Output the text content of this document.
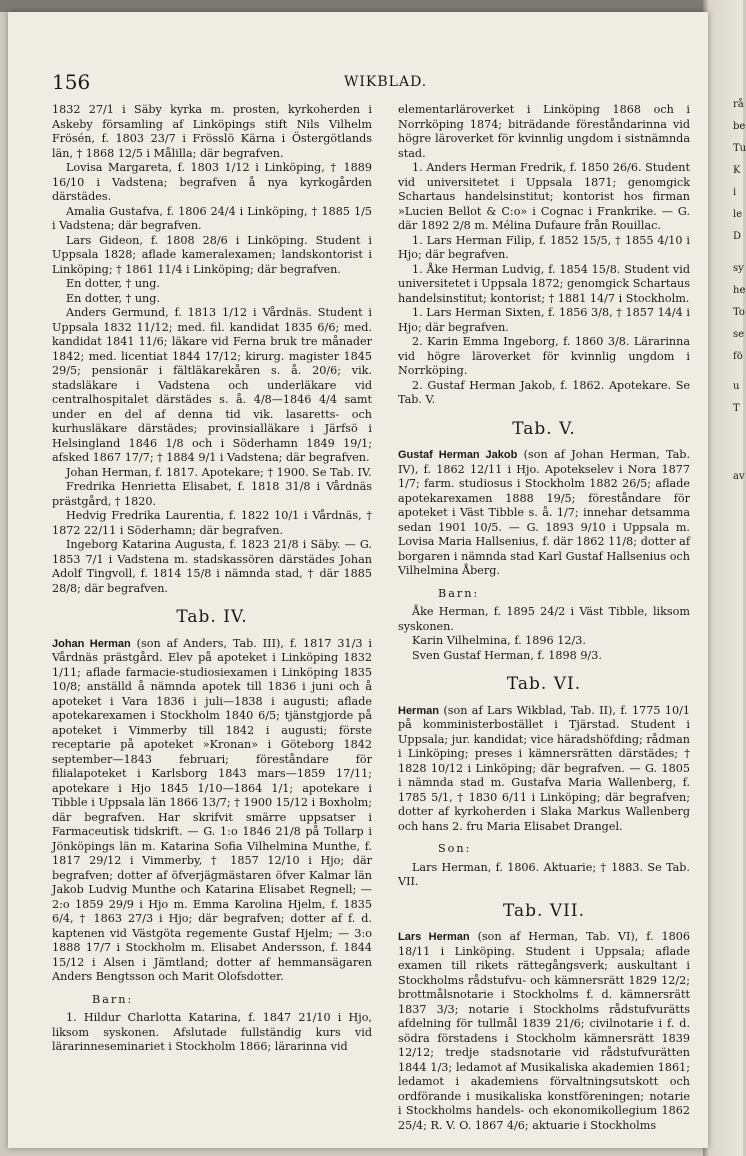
156	WIKBLAD.

1832 27/1 i Säby kyrka m. prosten, kyrkoherden i Askeby församling af Linköpings stift Nils Vilhelm Frösén, f. 1803 23/7 i Frösslö Kärna i Östergötlands län, † 1868 12/5 i Målilla; där begrafven.

Lovisa Margareta, f. 1803 1/12 i Linköping, † 1889 16/10 i Vadstena; begrafven å nya kyrkogården därstädes.

Amalia Gustafva, f. 1806 24/4 i Linköping, † 1885 1/5 i Vadstena; där begrafven.

Lars Gideon, f. 1808 28/6 i Linköping. Student i Uppsala 1828; aflade kameralexamen; landskontorist i Linköping; † 1861 11/4 i Linköping; där begrafven.

En dotter, † ung.

En dotter, † ung.

Anders Germund, f. 1813 1/12 i Vårdnäs. Student i Uppsala 1832 11/12; med. fil. kandidat 1835 6/6; med. kandidat 1841 11/6; läkare vid Ferna bruk tre månader 1842; med. licentiat 1844 17/12; kirurg. magister 1845 29/5; pensionär i fältläkarekåren s. å. 20/6; vik. stadsläkare i Vadstena och underläkare vid centralhospitalet därstädes s. å. 4/8—1846 4/4 samt under en del af denna tid vik. lasaretts- och kurhusläkare därstädes; provinsialläkare i Järfsö i Helsingland 1846 1/8 och i Söderhamn 1849 19/1; afsked 1867 17/7; † 1884 9/1 i Vadstena; där begrafven.

Johan Herman, f. 1817. Apotekare; † 1900. Se Tab. IV.

Fredrika Henrietta Elisabet, f. 1818 31/8 i Vårdnäs prästgård, † 1820.

Hedvig Fredrika Laurentia, f. 1822 10/1 i Vårdnäs, † 1872 22/11 i Söderhamn; där begrafven.

Ingeborg Katarina Augusta, f. 1823 21/8 i Säby. — G. 1853 7/1 i Vadstena m. stadskassören därstädes Johan Adolf Tingvoll, f. 1814 15/8 i nämnda stad, † där 1885 28/8; där begrafven.

Tab. IV.

Johan Herman (son af Anders, Tab. III), f. 1817 31/3 i Vårdnäs prästgård. Elev på apoteket i Linköping 1832 1/11; aflade farmacie-studiosiexamen i Linköping 1835 10/8; anställd å nämnda apotek till 1836 i juni och å apoteket i Vara 1836 i juli—1838 i augusti; aflade apotekarexamen i Stockholm 1840 6/5; tjänstgjorde på apoteket i Vimmerby till 1842 i augusti; förste receptarie på apoteket »Kronan» i Göteborg 1842 september—1843 februari; föreståndare för filialapoteket i Karlsborg 1843 mars—1859 17/11; apotekare i Hjo 1845 1/10—1864 1/1; apotekare i Tibble i Uppsala län 1866 13/7; † 1900 15/12 i Boxholm; där begrafven. Har skrifvit smärre uppsatser i Farmaceutisk tidskrift. — G. 1:o 1846 21/8 på Tollarp i Jönköpings län m. Katarina Sofia Vilhelmina Munthe, f. 1817 29/12 i Vimmerby, † 1857 12/10 i Hjo; där begrafven; dotter af öfverjägmästaren öfver Kalmar län Jakob Ludvig Munthe och Katarina Elisabet Regnell; — 2:o 1859 29/9 i Hjo m. Emma Karolina Hjelm, f. 1835 6/4, † 1863 27/3 i Hjo; där begrafven; dotter af f. d. kaptenen vid Västgöta regemente Gustaf Hjelm; — 3:o 1888 17/7 i Stockholm m. Elisabet Andersson, f. 1844 15/12 i Alsen i Jämtland; dotter af hemmansägaren Anders Bengtsson och Marit Olofsdotter.

Barn:

1. Hildur Charlotta Katarina, f. 1847 21/10 i Hjo, liksom syskonen. Afslutade fullständig kurs vid lärarinneseminariet i Stockholm 1866; lärarinna vid

elementarläroverket i Linköping 1868 och i Norrköping 1874; biträdande föreståndarinna vid högre läroverket för kvinnlig ungdom i sistnämnda stad.

1. Anders Herman Fredrik, f. 1850 26/6. Student vid universitetet i Uppsala 1871; genomgick Schartaus handelsinstitut; kontorist hos firman »Lucien Bellot & C:o» i Cognac i Frankrike. — G. där 1892 2/8 m. Mélina Dufaure från Rouillac.

1. Lars Herman Filip, f. 1852 15/5, † 1855 4/10 i Hjo; där begrafven.

1. Åke Herman Ludvig, f. 1854 15/8. Student vid universitetet i Uppsala 1872; genomgick Schartaus handelsinstitut; kontorist; † 1881 14/7 i Stockholm.

1. Lars Herman Sixten, f. 1856 3/8, † 1857 14/4 i Hjo; där begrafven.

2. Karin Emma Ingeborg, f. 1860 3/8. Lärarinna vid högre läroverket för kvinnlig ungdom i Norrköping.

2. Gustaf Herman Jakob, f. 1862. Apotekare. Se Tab. V.

Tab. V.

Gustaf Herman Jakob (son af Johan Herman, Tab. IV), f. 1862 12/11 i Hjo. Apotekselev i Nora 1877 1/7; farm. studiosus i Stockholm 1882 26/5; aflade apotekarexamen 1888 19/5; föreståndare för apoteket i Väst Tibble s. å. 1/7; innehar detsamma sedan 1901 10/5. — G. 1893 9/10 i Uppsala m. Lovisa Maria Hallsenius, f. där 1862 11/8; dotter af borgaren i nämnda stad Karl Gustaf Hallsenius och Vilhelmina Åberg.

Barn:

Åke Herman, f. 1895 24/2 i Väst Tibble, liksom syskonen.

Karin Vilhelmina, f. 1896 12/3.

Sven Gustaf Herman, f. 1898 9/3.

Tab. VI.

Herman (son af Lars Wikblad, Tab. II), f. 1775 10/1 på komministerbostället i Tjärstad. Student i Uppsala; jur. kandidat; vice häradshöfding; rådman i Linköping; preses i kämnersrätten därstädes; † 1828 10/12 i Linköping; där begrafven. — G. 1805 i nämnda stad m. Gustafva Maria Wallenberg, f. 1785 5/1, † 1830 6/11 i Linköping; där begrafven; dotter af kyrkoherden i Slaka Markus Wallenberg och hans 2. fru Maria Elisabet Drangel.

Son:

Lars Herman, f. 1806. Aktuarie; † 1883. Se Tab. VII.

Tab. VII.

Lars Herman (son af Herman, Tab. VI), f. 1806 18/11 i Linköping. Student i Uppsala; aflade examen till rikets rättegångsverk; auskultant i Stockholms rådstufvu- och kämnersrätt 1829 12/2; brottmålsnotarie i Stockholms f. d. kämnersrätt 1837 3/3; notarie i Stockholms rådstufvurätts afdelning för tullmål 1839 21/6; civilnotarie i f. d. södra förstadens i Stockholm kämnersrätt 1839 12/12; tredje stadsnotarie vid rådstufvurätten 1844 1/3; ledamot af Musikaliska akademien 1861; ledamot i akademiens förvaltningsutskott och ordförande i musikaliska konstföreningen; notarie i Stockholms handels- och ekonomikollegium 1862 25/4; R. V. O. 1867 4/6; aktuarie i Stockholms

rå
be
Tu
K
i
le
D
sy
he
To
se
fö
u
T
av
